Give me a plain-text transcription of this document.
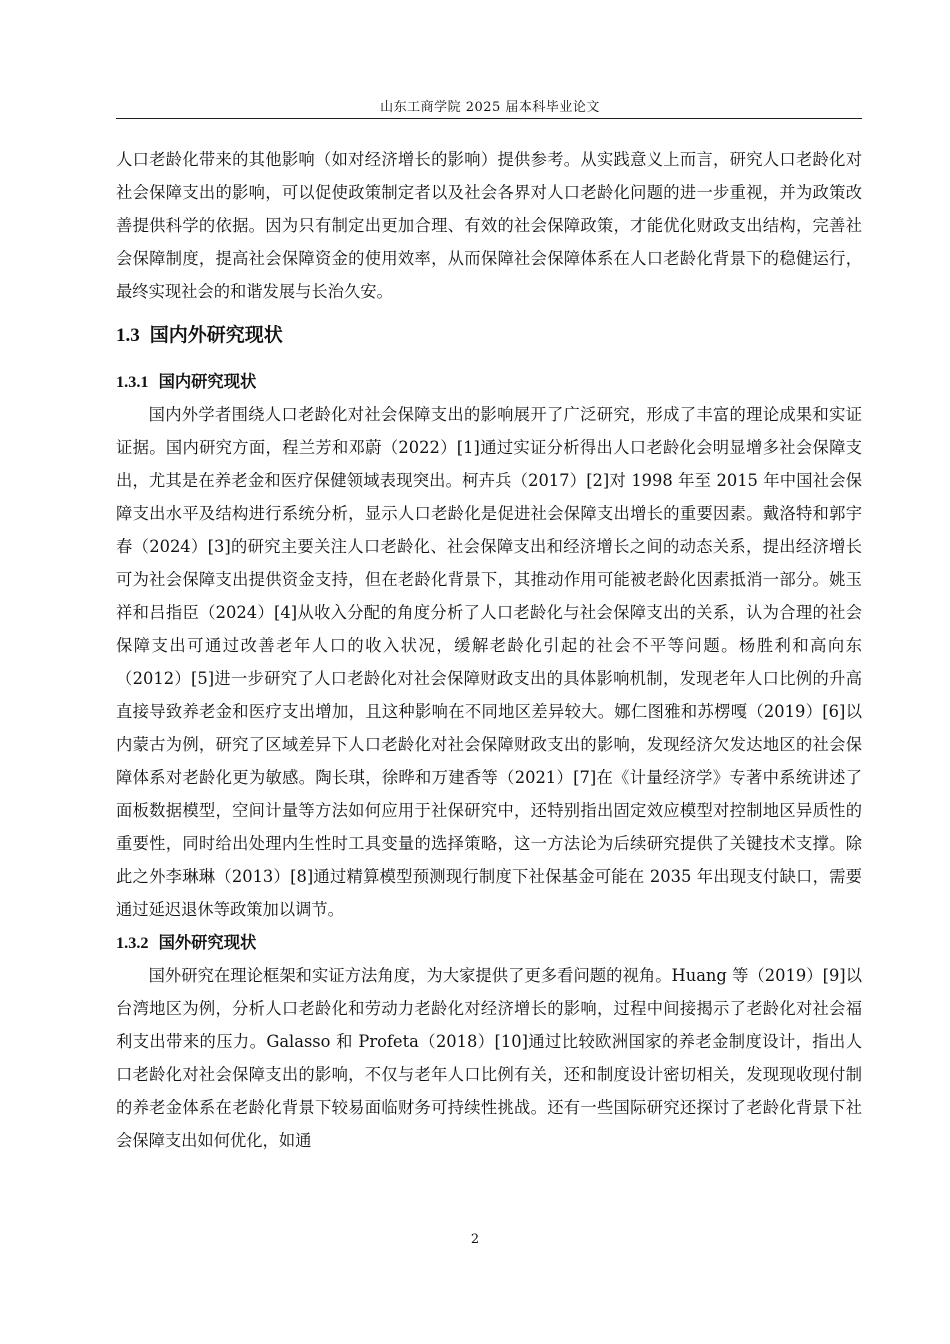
山东工商学院 2025 届本科毕业论文

人口老龄化带来的其他影响（如对经济增长的影响）提供参考。从实践意义上而言，研究人口老龄化对社会保障支出的影响，可以促使政策制定者以及社会各界对人口老龄化问题的进一步重视，并为政策改善提供科学的依据。因为只有制定出更加合理、有效的社会保障政策，才能优化财政支出结构，完善社会保障制度，提高社会保障资金的使用效率，从而保障社会保障体系在人口老龄化背景下的稳健运行，最终实现社会的和谐发展与长治久安。

1.3 国内外研究现状
1.3.1 国内研究现状

国内外学者围绕人口老龄化对社会保障支出的影响展开了广泛研究，形成了丰富的理论成果和实证证据。国内研究方面，程兰芳和邓蔚（2022）[1]通过实证分析得出人口老龄化会明显增多社会保障支出，尤其是在养老金和医疗保健领域表现突出。柯卉兵（2017）[2]对 1998 年至 2015 年中国社会保障支出水平及结构进行系统分析，显示人口老龄化是促进社会保障支出增长的重要因素。戴洛特和郭宇春（2024）[3]的研究主要关注人口老龄化、社会保障支出和经济增长之间的动态关系，提出经济增长可为社会保障支出提供资金支持，但在老龄化背景下，其推动作用可能被老龄化因素抵消一部分。姚玉祥和吕指臣（2024）[4]从收入分配的角度分析了人口老龄化与社会保障支出的关系，认为合理的社会保障支出可通过改善老年人口的收入状况，缓解老龄化引起的社会不平等问题。杨胜利和高向东（2012）[5]进一步研究了人口老龄化对社会保障财政支出的具体影响机制，发现老年人口比例的升高直接导致养老金和医疗支出增加，且这种影响在不同地区差异较大。娜仁图雅和苏楞嘎（2019）[6]以内蒙古为例，研究了区域差异下人口老龄化对社会保障财政支出的影响，发现经济欠发达地区的社会保障体系对老龄化更为敏感。陶长琪，徐晔和万建香等（2021）[7]在《计量经济学》专著中系统讲述了面板数据模型，空间计量等方法如何应用于社保研究中，还特别指出固定效应模型对控制地区异质性的重要性，同时给出处理内生性时工具变量的选择策略，这一方法论为后续研究提供了关键技术支撑。除此之外李琳琳（2013）[8]通过精算模型预测现行制度下社保基金可能在 2035 年出现支付缺口，需要通过延迟退休等政策加以调节。

1.3.2 国外研究现状

国外研究在理论框架和实证方法角度，为大家提供了更多看问题的视角。Huang 等（2019）[9]以台湾地区为例，分析人口老龄化和劳动力老龄化对经济增长的影响，过程中间接揭示了老龄化对社会福利支出带来的压力。Galasso 和 Profeta（2018）[10]通过比较欧洲国家的养老金制度设计，指出人口老龄化对社会保障支出的影响，不仅与老年人口比例有关，还和制度设计密切相关，发现现收现付制的养老金体系在老龄化背景下较易面临财务可持续性挑战。还有一些国际研究还探讨了老龄化背景下社会保障支出如何优化，如通

2
